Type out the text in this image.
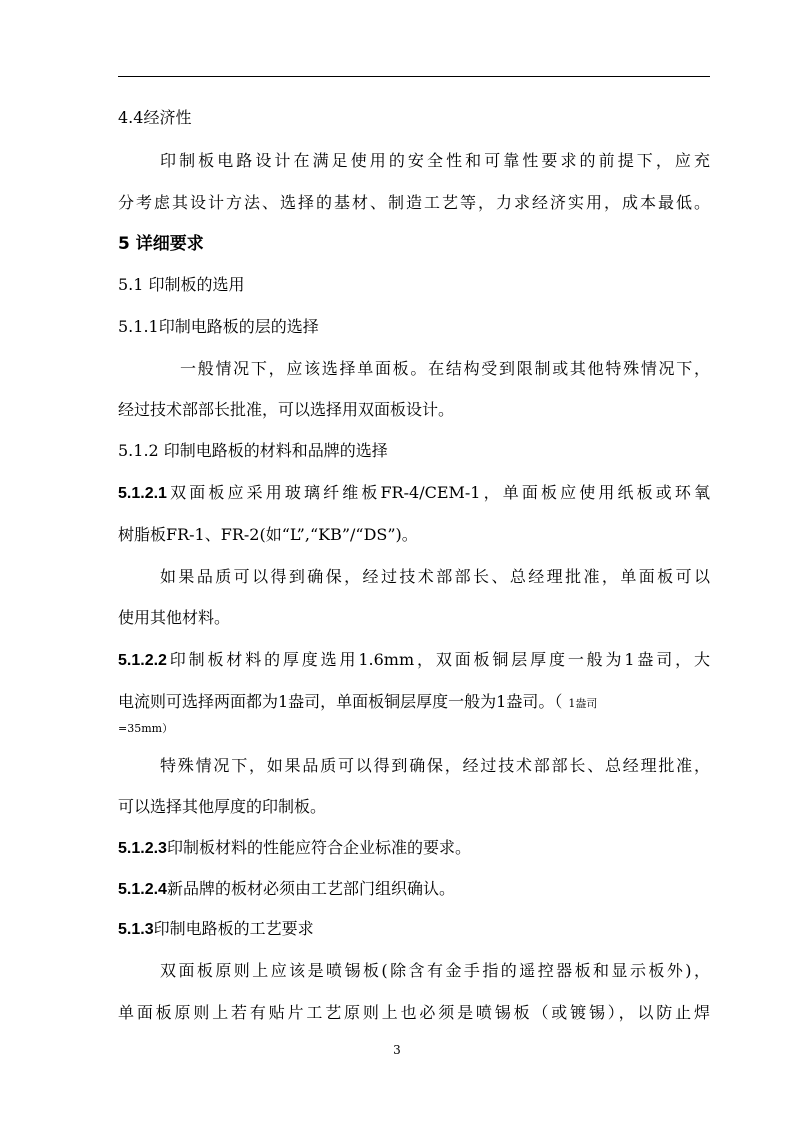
4.4经济性
印制板电路设计在满足使用的安全性和可靠性要求的前提下，应充
分考虑其设计方法、选择的基材、制造工艺等，力求经济实用，成本最低。
5 详细要求
5.1 印制板的选用
5.1.1印制电路板的层的选择
一般情况下，应该选择单面板。在结构受到限制或其他特殊情况下，
经过技术部部长批准，可以选择用双面板设计。
5.1.2 印制电路板的材料和品牌的选择
5.1.2.1双面板应采用玻璃纤维板FR-4/CEM-1，单面板应使用纸板或环氧
树脂板FR-1、FR-2(如“L”,“KB”/“DS”)。
如果品质可以得到确保，经过技术部部长、总经理批准，单面板可以
使用其他材料。
5.1.2.2印制板材料的厚度选用1.6mm，双面板铜层厚度一般为1盎司，大
电流则可选择两面都为1盎司，单面板铜层厚度一般为1盎司。（ 1盎司
=35mm）
特殊情况下，如果品质可以得到确保，经过技术部部长、总经理批准，
可以选择其他厚度的印制板。
5.1.2.3印制板材料的性能应符合企业标准的要求。
5.1.2.4新品牌的板材必须由工艺部门组织确认。
5.1.3印制电路板的工艺要求
双面板原则上应该是喷锡板(除含有金手指的遥控器板和显示板外)，
单面板原则上若有贴片工艺原则上也必须是喷锡板（或镀锡），以防止焊
3
